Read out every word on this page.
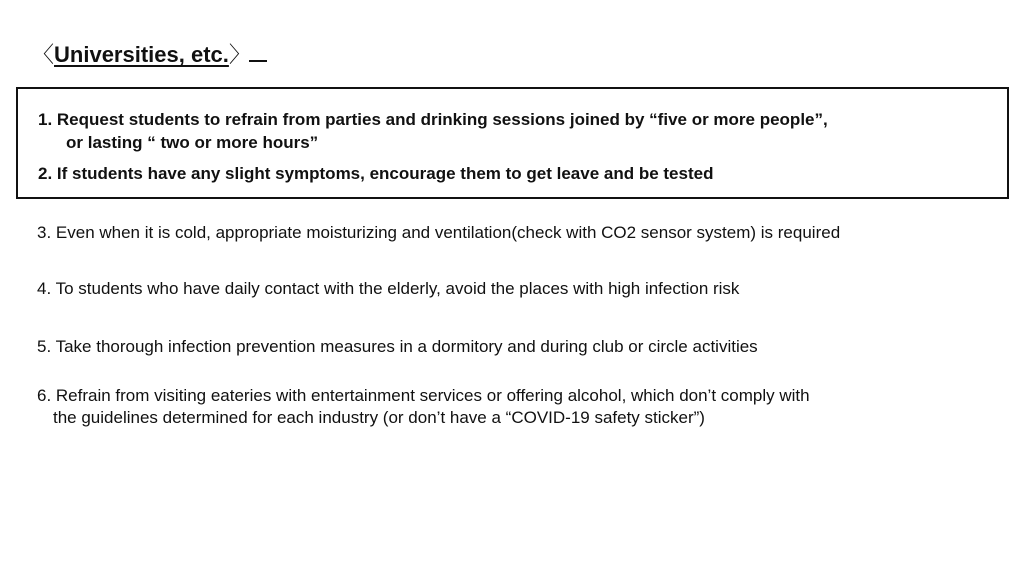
〈Universities, etc.〉
1. Request students to refrain from parties and drinking sessions joined by “five or more people”,
or lasting “ two or more hours”
2. If students have any slight symptoms, encourage them to get leave and be tested
3. Even when it is cold, appropriate moisturizing and ventilation(check with CO2 sensor system) is required
4. To students who have daily contact with the elderly, avoid the places with high infection risk
5. Take thorough infection prevention measures in a dormitory and during club or circle activities
6. Refrain from visiting eateries with entertainment services or offering alcohol, which don’t comply with
the guidelines determined for each industry (or don’t have a “COVID-19 safety sticker”)
